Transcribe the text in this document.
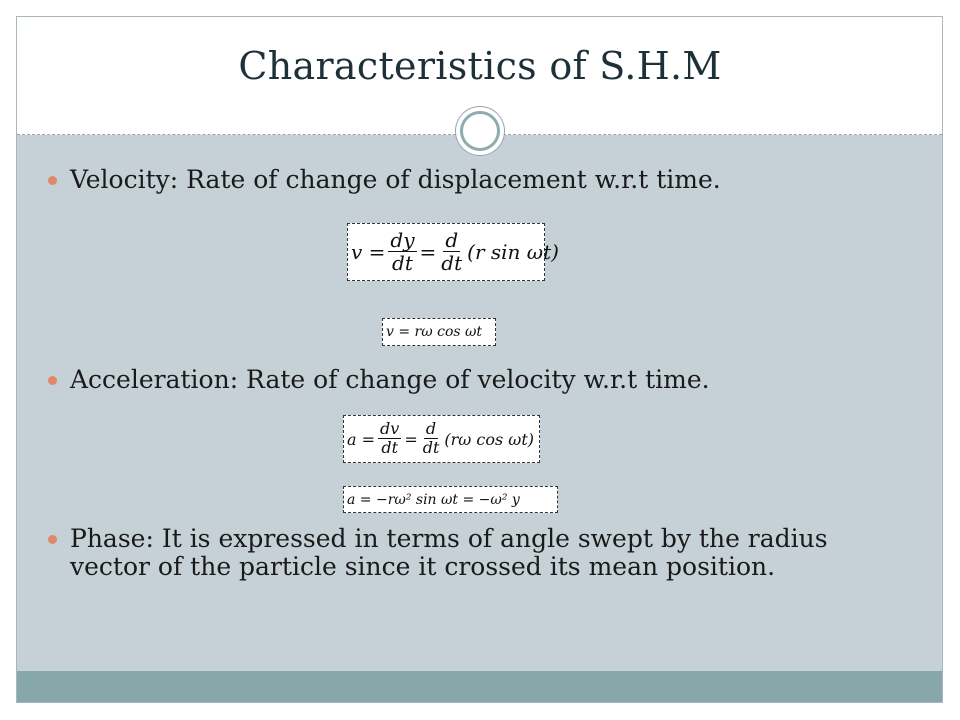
Characteristics of S.H.M
Velocity: Rate of change of displacement w.r.t time.
$v = \frac{dy}{dt} = \frac{d}{dt} (r$ sin ωt)
v = rω cos ωt
Acceleration: Rate of change of velocity w.r.t time.
$a = \frac{dv}{dt} = \frac{d}{dt} (r\omega$ cos ωt)
a = −rω² sin ωt = −ω² y
Phase: It is expressed in terms of angle swept by the radius vector of the particle since it crossed its mean position.
